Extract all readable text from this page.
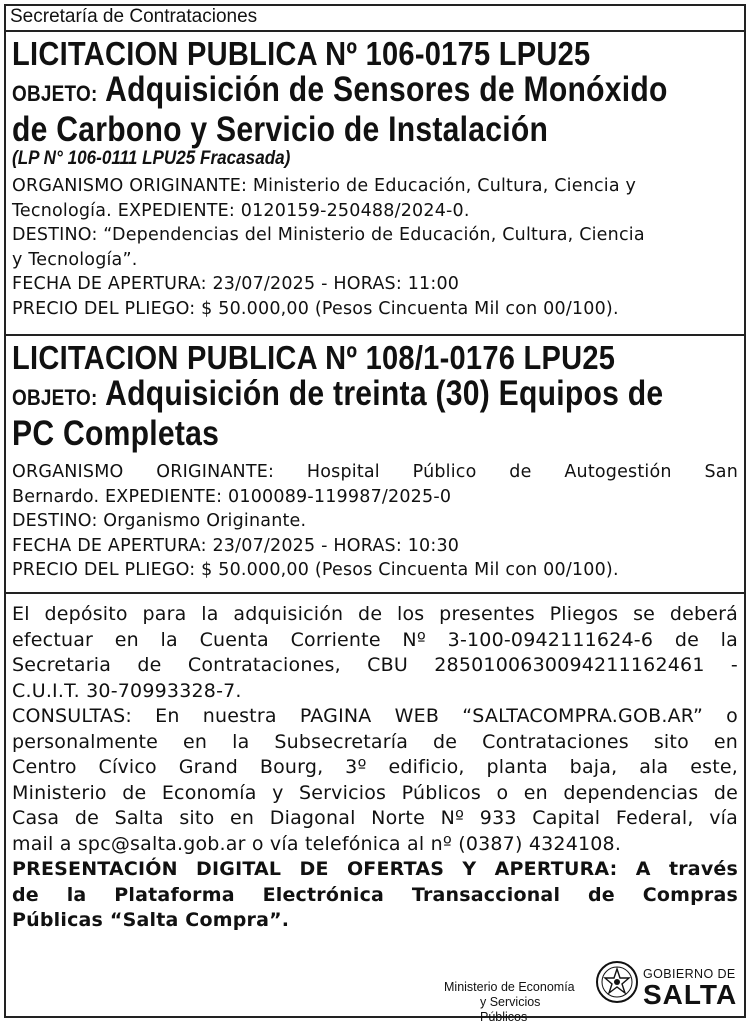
Secretaría de Contrataciones
LICITACION PUBLICA Nº 106-0175 LPU25
OBJETO: Adquisición de Sensores de Monóxido
de Carbono y Servicio de Instalación
(LP N° 106-0111 LPU25 Fracasada)

ORGANISMO ORIGINANTE: Ministerio de Educación, Cultura, Ciencia y

Tecnología. EXPEDIENTE: 0120159-250488/2024-0.

DESTINO: “Dependencias del Ministerio de Educación, Cultura, Ciencia

y Tecnología”.

FECHA DE APERTURA: 23/07/2025 - HORAS: 11:00

PRECIO DEL PLIEGO: $ 50.000,00 (Pesos Cincuenta Mil con 00/100).

LICITACION PUBLICA Nº 108/1-0176 LPU25
OBJETO: Adquisición de treinta (30) Equipos de
PC Completas

ORGANISMO ORIGINANTE: Hospital Público de Autogestión San

Bernardo. EXPEDIENTE: 0100089-119987/2025-0

DESTINO: Organismo Originante.

FECHA DE APERTURA: 23/07/2025 - HORAS: 10:30

PRECIO DEL PLIEGO: $ 50.000,00 (Pesos Cincuenta Mil con 00/100).

El depósito para la adquisición de los presentes Pliegos se deberá

efectuar en la Cuenta Corriente Nº 3-100-0942111624-6 de la

Secretaria de Contrataciones, CBU 2850100630094211162461 -

C.U.I.T. 30-70993328-7.

CONSULTAS: En nuestra PAGINA WEB “SALTACOMPRA.GOB.AR” o

personalmente en la Subsecretaría de Contrataciones sito en

Centro Cívico Grand Bourg, 3º edificio, planta baja, ala este,

Ministerio de Economía y Servicios Públicos o en dependencias de

Casa de Salta sito en Diagonal Norte Nº 933 Capital Federal, vía

mail a spc@salta.gob.ar o vía telefónica al nº (0387) 4324108.

PRESENTACIÓN DIGITAL DE OFERTAS Y APERTURA: A través

de la Plataforma Electrónica Transaccional de Compras

Públicas “Salta Compra”.

Ministerio de Economía
y Servicios Públicos
GOBIERNO DE
SALTA
